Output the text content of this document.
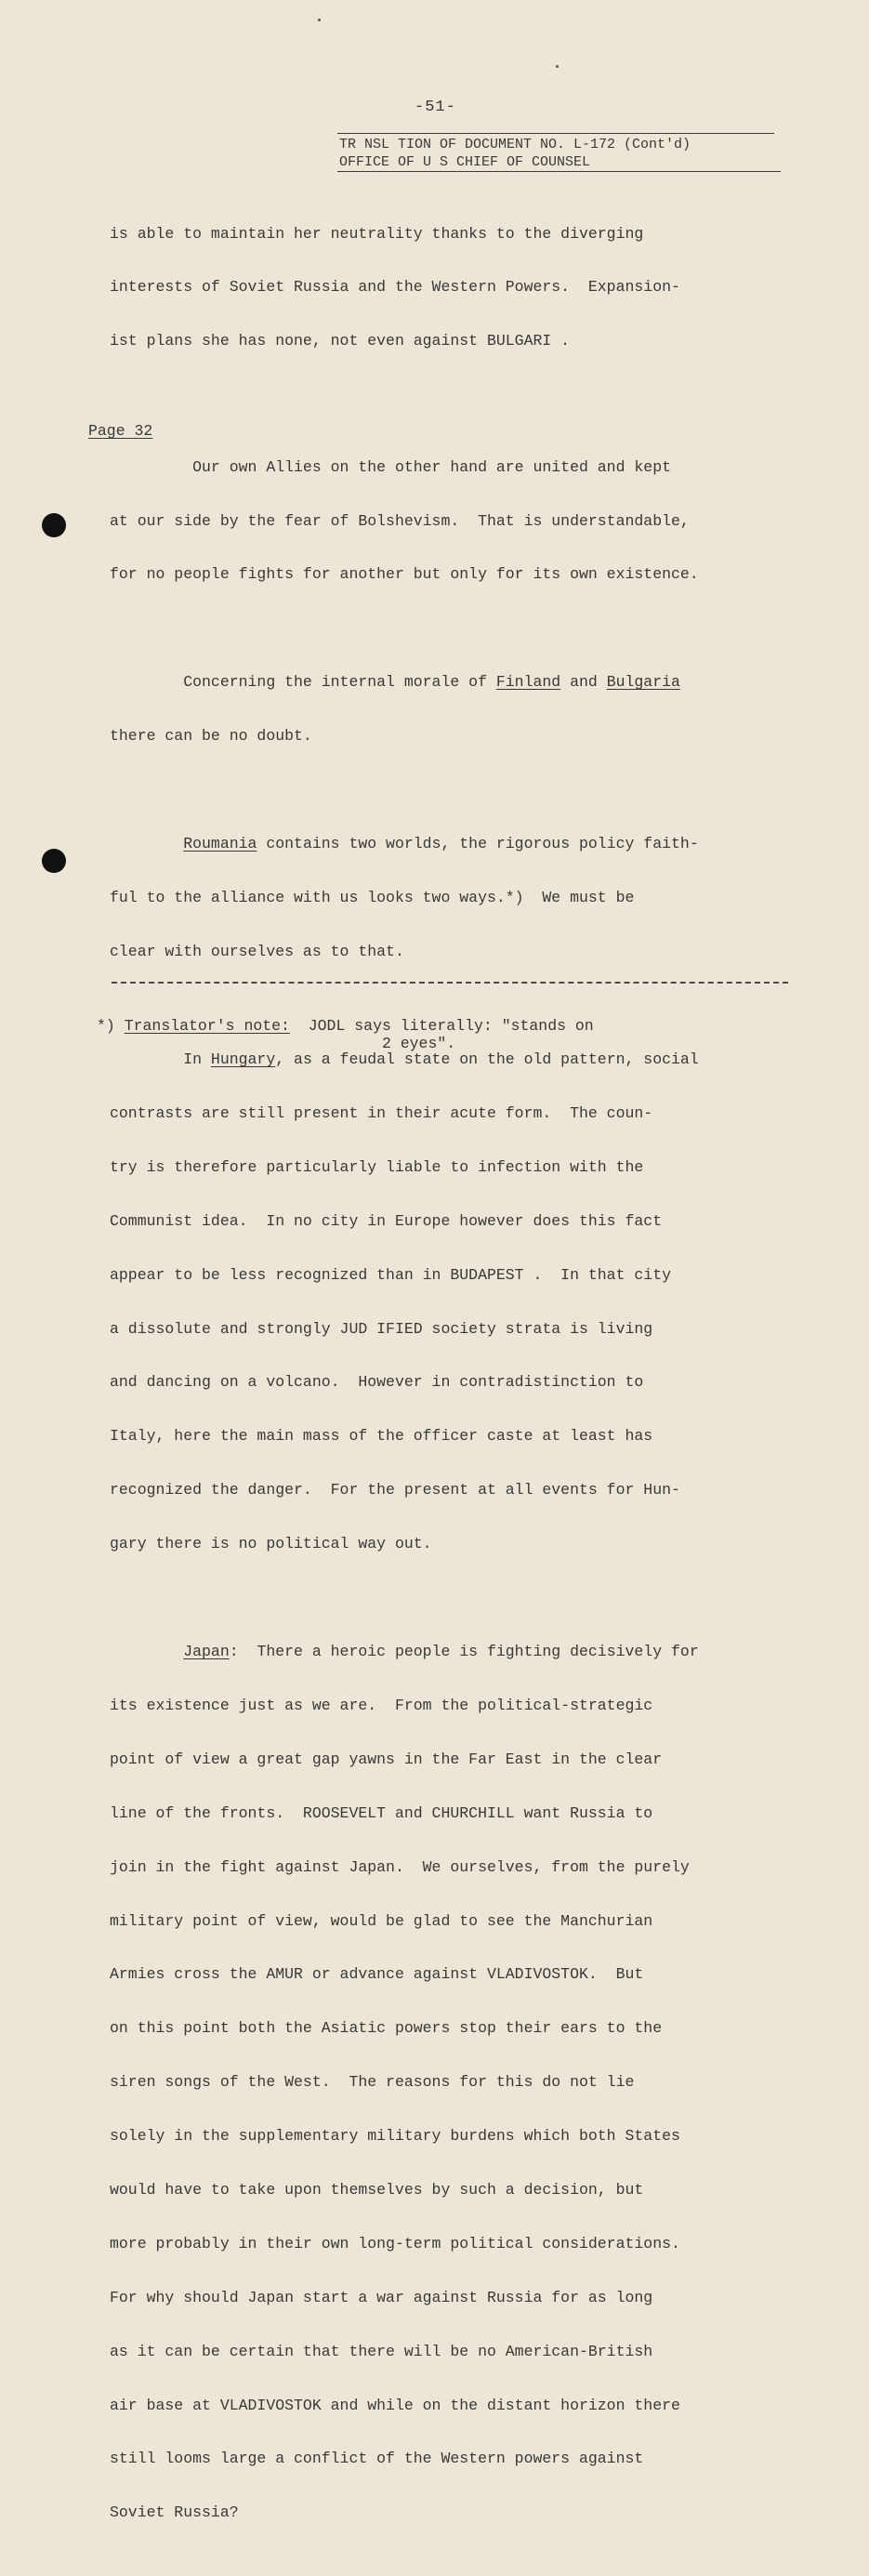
-51-
TR NSL TION OF DOCUMENT NO. L-172 (Cont'd)
OFFICE OF U S CHIEF OF COUNSEL

is able to maintain her neutrality thanks to the diverging

interests of Soviet Russia and the Western Powers.  Expansion-

ist plans she has none, not even against BULGARI .

Page 32

Our own Allies on the other hand are united and kept

at our side by the fear of Bolshevism.  That is understandable,

for no people fights for another but only for its own existence.

Concerning the internal morale of Finland and Bulgaria

there can be no doubt.

Roumania contains two worlds, the rigorous policy faith-

ful to the alliance with us looks two ways.*)  We must be

clear with ourselves as to that.

In Hungary, as a feudal state on the old pattern, social

contrasts are still present in their acute form.  The coun-

try is therefore particularly liable to infection with the

Communist idea.  In no city in Europe however does this fact

appear to be less recognized than in BUDAPEST .  In that city

a dissolute and strongly JUD IFIED society strata is living

and dancing on a volcano.  However in contradistinction to

Italy, here the main mass of the officer caste at least has

recognized the danger.  For the present at all events for Hun-

gary there is no political way out.

Japan:  There a heroic people is fighting decisively for

its existence just as we are.  From the political-strategic

point of view a great gap yawns in the Far East in the clear

line of the fronts.  ROOSEVELT and CHURCHILL want Russia to

join in the fight against Japan.  We ourselves, from the purely

military point of view, would be glad to see the Manchurian

Armies cross the AMUR or advance against VLADIVOSTOK.  But

on this point both the Asiatic powers stop their ears to the

siren songs of the West.  The reasons for this do not lie

solely in the supplementary military burdens which both States

would have to take upon themselves by such a decision, but

more probably in their own long-term political considerations.

For why should Japan start a war against Russia for as long

as it can be certain that there will be no American-British

air base at VLADIVOSTOK and while on the distant horizon there

still looms large a conflict of the Western powers against

Soviet Russia?

*) Translator's note:  JODL says literally: "stands on
2 eyes".
